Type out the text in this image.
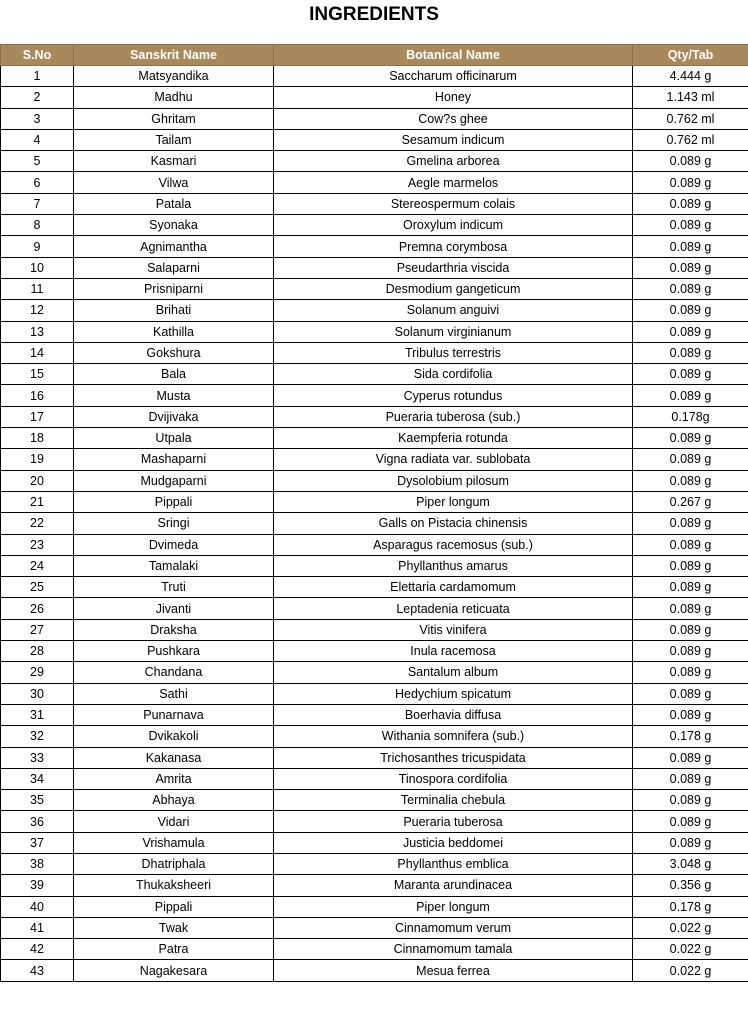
INGREDIENTS
S.No	Sanskrit Name	Botanical Name	Qty/Tab
1	Matsyandika	Saccharum officinarum	4.444 g
2	Madhu	Honey	1.143 ml
3	Ghritam	Cow?s ghee	0.762 ml
4	Tailam	Sesamum indicum	0.762 ml
5	Kasmari	Gmelina arborea	0.089 g
6	Vilwa	Aegle marmelos	0.089 g
7	Patala	Stereospermum colais	0.089 g
8	Syonaka	Oroxylum indicum	0.089 g
9	Agnimantha	Premna corymbosa	0.089 g
10	Salaparni	Pseudarthria viscida	0.089 g
11	Prisniparni	Desmodium gangeticum	0.089 g
12	Brihati	Solanum anguivi	0.089 g
13	Kathilla	Solanum virginianum	0.089 g
14	Gokshura	Tribulus terrestris	0.089 g
15	Bala	Sida cordifolia	0.089 g
16	Musta	Cyperus rotundus	0.089 g
17	Dvijivaka	Pueraria tuberosa (sub.)	0.178g
18	Utpala	Kaempferia rotunda	0.089 g
19	Mashaparni	Vigna radiata var. sublobata	0.089 g
20	Mudgaparni	Dysolobium pilosum	0.089 g
21	Pippali	Piper longum	0.267 g
22	Sringi	Galls on Pistacia chinensis	0.089 g
23	Dvimeda	Asparagus racemosus (sub.)	0.089 g
24	Tamalaki	Phyllanthus amarus	0.089 g
25	Truti	Elettaria cardamomum	0.089 g
26	Jivanti	Leptadenia reticuata	0.089 g
27	Draksha	Vitis vinifera	0.089 g
28	Pushkara	Inula racemosa	0.089 g
29	Chandana	Santalum album	0.089 g
30	Sathi	Hedychium spicatum	0.089 g
31	Punarnava	Boerhavia diffusa	0.089 g
32	Dvikakoli	Withania somnifera (sub.)	0.178 g
33	Kakanasa	Trichosanthes tricuspidata	0.089 g
34	Amrita	Tinospora cordifolia	0.089 g
35	Abhaya	Terminalia chebula	0.089 g
36	Vidari	Pueraria tuberosa	0.089 g
37	Vrishamula	Justicia beddomei	0.089 g
38	Dhatriphala	Phyllanthus emblica	3.048 g
39	Thukaksheeri	Maranta arundinacea	0.356 g
40	Pippali	Piper longum	0.178 g
41	Twak	Cinnamomum verum	0.022 g
42	Patra	Cinnamomum tamala	0.022 g
43	Nagakesara	Mesua ferrea	0.022 g
